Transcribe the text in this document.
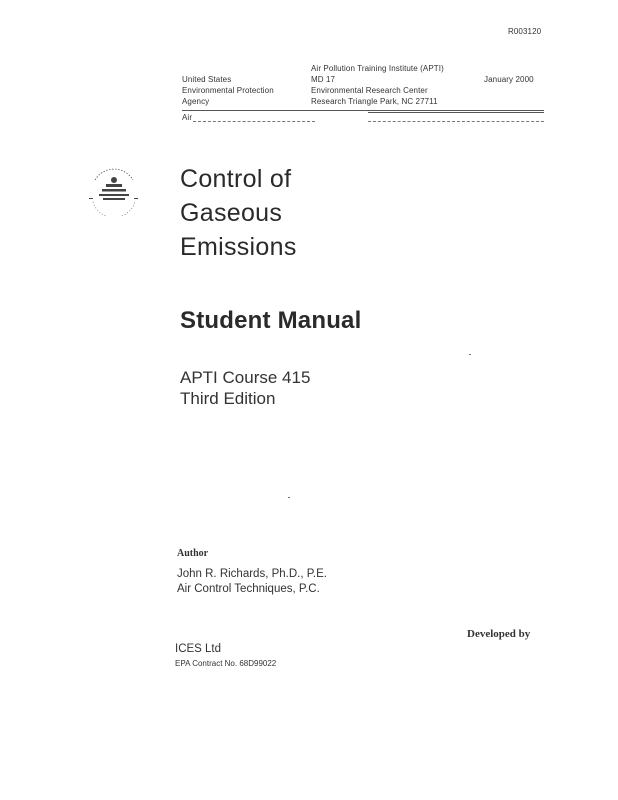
R003120
United States
Environmental Protection
Agency
Air Pollution Training Institute (APTI)
MD 17
Environmental Research Center
Research Triangle Park, NC 27711
January 2000
Air
Control of
Gaseous
Emissions
Student Manual
APTI Course 415
Third Edition
Author
John R. Richards, Ph.D., P.E.
Air Control Techniques, P.C.
Developed by
ICES Ltd
EPA Contract No. 68D99022
